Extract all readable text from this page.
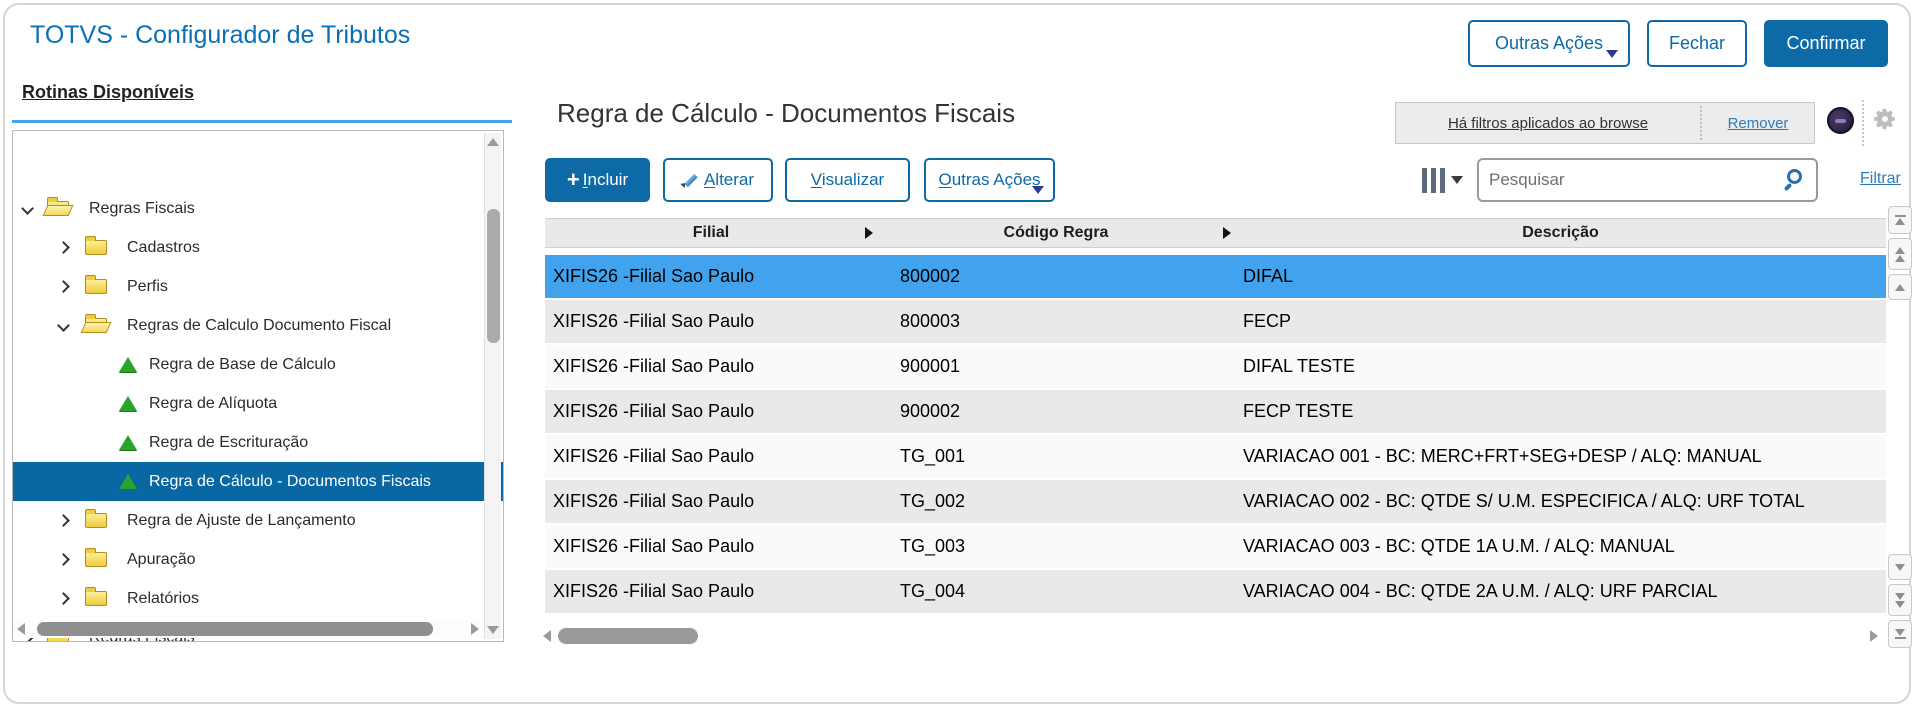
TOTVS - Configurador de Tributos	Outras Ações	Fechar	Confirmar
Rotinas Disponíveis
Regras Fiscais
Cadastros
Perfis
Regras de Calculo Documento Fiscal
Regra de Base de Cálculo
Regra de Alíquota
Regra de Escrituração
Regra de Cálculo - Documentos Fiscais
Regra de Ajuste de Lançamento
Apuração
Relatórios
Regra de Cálculo - Documentos Fiscais	Há filtros aplicados ao browse	Remover
+ Incluir	Alterar	Visualizar	Outras Ações
Pesquisar	Filtrar
Filial	Código Regra	Descrição
XIFIS26 -Filial Sao Paulo	800002	DIFAL
XIFIS26 -Filial Sao Paulo	800003	FECP
XIFIS26 -Filial Sao Paulo	900001	DIFAL TESTE
XIFIS26 -Filial Sao Paulo	900002	FECP TESTE
XIFIS26 -Filial Sao Paulo	TG_001	VARIACAO 001 - BC: MERC+FRT+SEG+DESP / ALQ: MANUAL
XIFIS26 -Filial Sao Paulo	TG_002	VARIACAO 002 - BC: QTDE S/ U.M. ESPECIFICA / ALQ: URF TOTAL
XIFIS26 -Filial Sao Paulo	TG_003	VARIACAO 003 - BC: QTDE 1A U.M. / ALQ: MANUAL
XIFIS26 -Filial Sao Paulo	TG_004	VARIACAO 004 - BC: QTDE 2A U.M. / ALQ: URF PARCIAL
